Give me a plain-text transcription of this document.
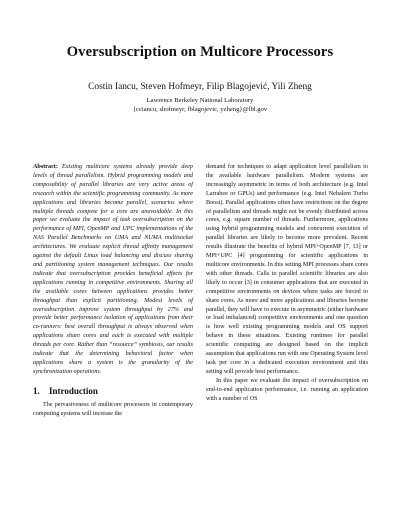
Oversubscription on Multicore Processors
Costin Iancu, Steven Hofmeyr, Filip Blagojević, Yili Zheng
Lawrence Berkeley National Laboratory
{cciancu, shofmeyr, fblagojevic, yzheng}@lbl.gov

Abstract: Existing multicore systems already provide deep levels of thread parallelism. Hybrid programming models and composability of parallel libraries are very active areas of research within the scientific programming community. As more applications and libraries become parallel, scenarios where multiple threads compete for a core are unavoidable. In this paper we evaluate the impact of task oversubscription on the performance of MPI, OpenMP and UPC implementations of the NAS Parallel Benchmarks on UMA and NUMA multisocket architectures. We evaluate explicit thread affinity management against the default Linux load balancing and discuss sharing and partitioning system management techniques. Our results indicate that oversubscription provides beneficial effects for applications running in competitive environments. Sharing all the available cores between applications provides better throughput than explicit partitioning. Modest levels of oversubscription improve system throughput by 27% and provide better performance isolation of applications from their co-runners: best overall throughput is always observed when applications share cores and each is executed with multiple threads per core. Rather than “resource” symbiosis, our results indicate that the determining behavioral factor when applications share a system is the granularity of the synchronization operations.

1. Introduction

The pervasiveness of multicore processors in contemporary computing systems will increase the

demand for techniques to adapt application level parallelism to the available hardware parallelism. Modern systems are increasingly asymmetric in terms of both architecture (e.g. Intel Larrabee or GPUs) and performance (e.g. Intel Nehalem Turbo Boost). Parallel applications often have restrictions on the degree of parallelism and threads might not be evenly distributed across cores, e.g. square number of threads. Furthermore, applications using hybrid programming models and concurrent execution of parallel libraries are likely to become more prevalent. Recent results illustrate the benefits of hybrid MPI+OpenMP [7, 13] or MPI+UPC [4] programming for scientific applications in multicore environments. In this setting MPI processes share cores with other threads. Calls to parallel scientific libraries are also likely to occur [3] in consumer applications that are executed in competitive environments on devices where tasks are forced to share cores. As more and more applications and libraries become parallel, they will have to execute in asymmetric (either hardware or load imbalanced) competitive environments and one question is how well existing programming models and OS support behave in these situations. Existing runtimes for parallel scientific computing are designed based on the implicit assumption that applications run with one Operating System level task per core in a dedicated execution environment and this setting will provide best performance.

In this paper we evaluate the impact of oversubscription on end-to-end application performance, i.e. running an application with a number of OS
